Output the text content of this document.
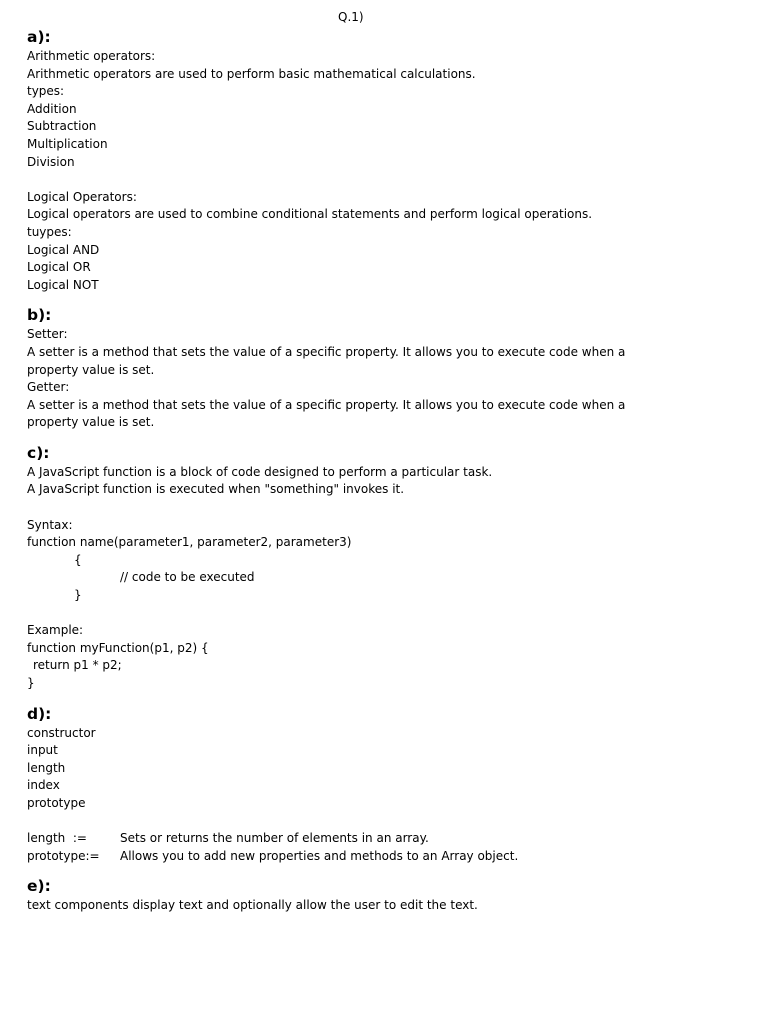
Q.1)
a):
Arithmetic operators:
Arithmetic operators are used to perform basic mathematical calculations.
types:
Addition
Subtraction
Multiplication
Division
Logical Operators:
Logical operators are used to combine conditional statements and perform logical operations.
tuypes:
Logical AND
Logical OR
Logical NOT
b):
Setter:
A setter is a method that sets the value of a specific property. It allows you to execute code when a property value is set.
Getter:
A setter is a method that sets the value of a specific property. It allows you to execute code when a property value is set.
c):
A JavaScript function is a block of code designed to perform a particular task.
A JavaScript function is executed when "something" invokes it.
Syntax:
function name(parameter1, parameter2, parameter3)
{
// code to be executed
}
Example:
function myFunction(p1, p2) {
return p1 * p2;
}
d):
constructor
input
length
index
prototype
length  :=	Sets or returns the number of elements in an array.
prototype:=	Allows you to add new properties and methods to an Array object.
e):
text components display text and optionally allow the user to edit the text.
